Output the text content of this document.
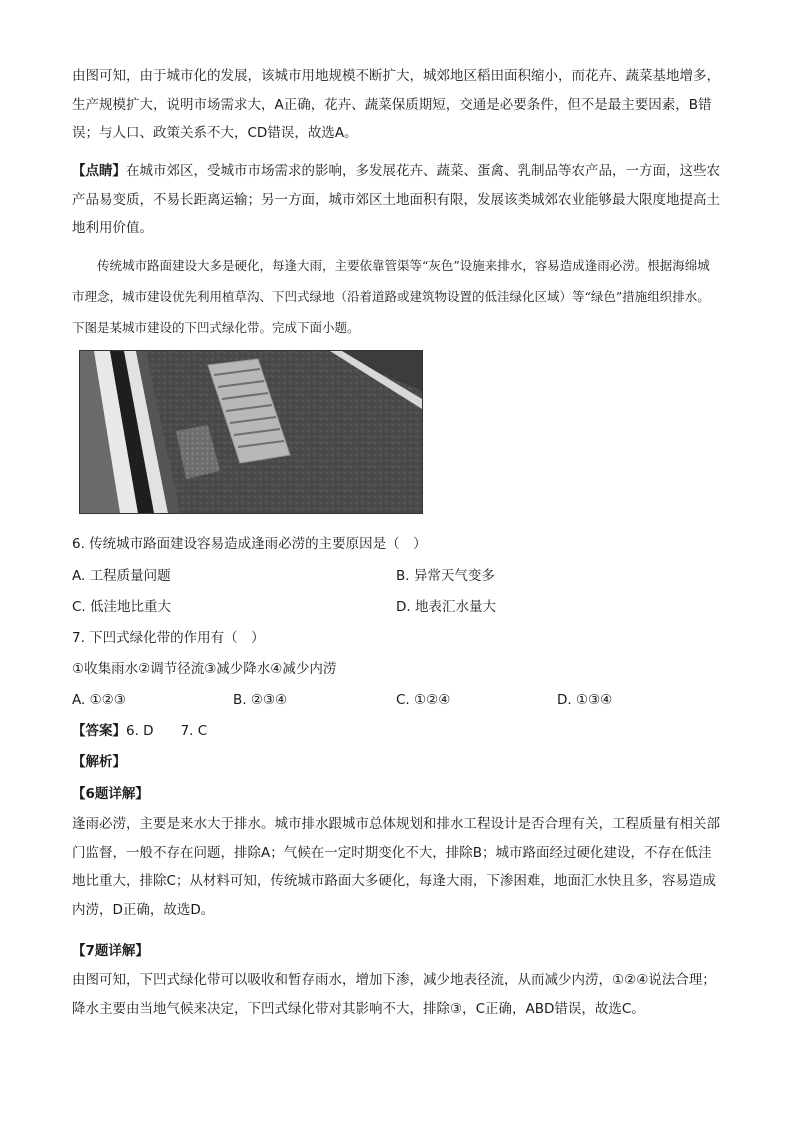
由图可知，由于城市化的发展，该城市用地规模不断扩大，城郊地区稻田面积缩小，而花卉、蔬菜基地增多，生产规模扩大，说明市场需求大，A正确，花卉、蔬菜保质期短，交通是必要条件，但不是最主要因素，B错误；与人口、政策关系不大，CD错误，故选A。

【点睛】在城市郊区，受城市市场需求的影响，多发展花卉、蔬菜、蛋禽、乳制品等农产品，一方面，这些农产品易变质，不易长距离运输；另一方面，城市郊区土地面积有限，发展该类城郊农业能够最大限度地提高土地利用价值。

传统城市路面建设大多是硬化，每逢大雨，主要依靠管渠等“灰色”设施来排水，容易造成逢雨必涝。根据海绵城市理念，城市建设优先利用植草沟、下凹式绿地（沿着道路或建筑物设置的低洼绿化区域）等“绿色”措施组织排水。下图是某城市建设的下凹式绿化带。完成下面小题。

6. 传统城市路面建设容易造成逢雨必涝的主要原因是（　）

A. 工程质量问题	B. 异常天气变多
C. 低洼地比重大	D. 地表汇水量大

7. 下凹式绿化带的作用有（　）

①收集雨水②调节径流③减少降水④减少内涝

A. ①②③	B. ②③④	C. ①②④	D. ①③④

【答案】6. D　　7. C

【解析】

【6题详解】

逢雨必涝，主要是来水大于排水。城市排水跟城市总体规划和排水工程设计是否合理有关，工程质量有相关部门监督，一般不存在问题，排除A；气候在一定时期变化不大，排除B；城市路面经过硬化建设，不存在低洼地比重大，排除C；从材料可知，传统城市路面大多硬化，每逢大雨，下渗困难，地面汇水快且多，容易造成内涝，D正确，故选D。

【7题详解】

由图可知，下凹式绿化带可以吸收和暂存雨水，增加下渗，减少地表径流，从而减少内涝，①②④说法合理；降水主要由当地气候来决定，下凹式绿化带对其影响不大，排除③，C正确，ABD错误，故选C。
